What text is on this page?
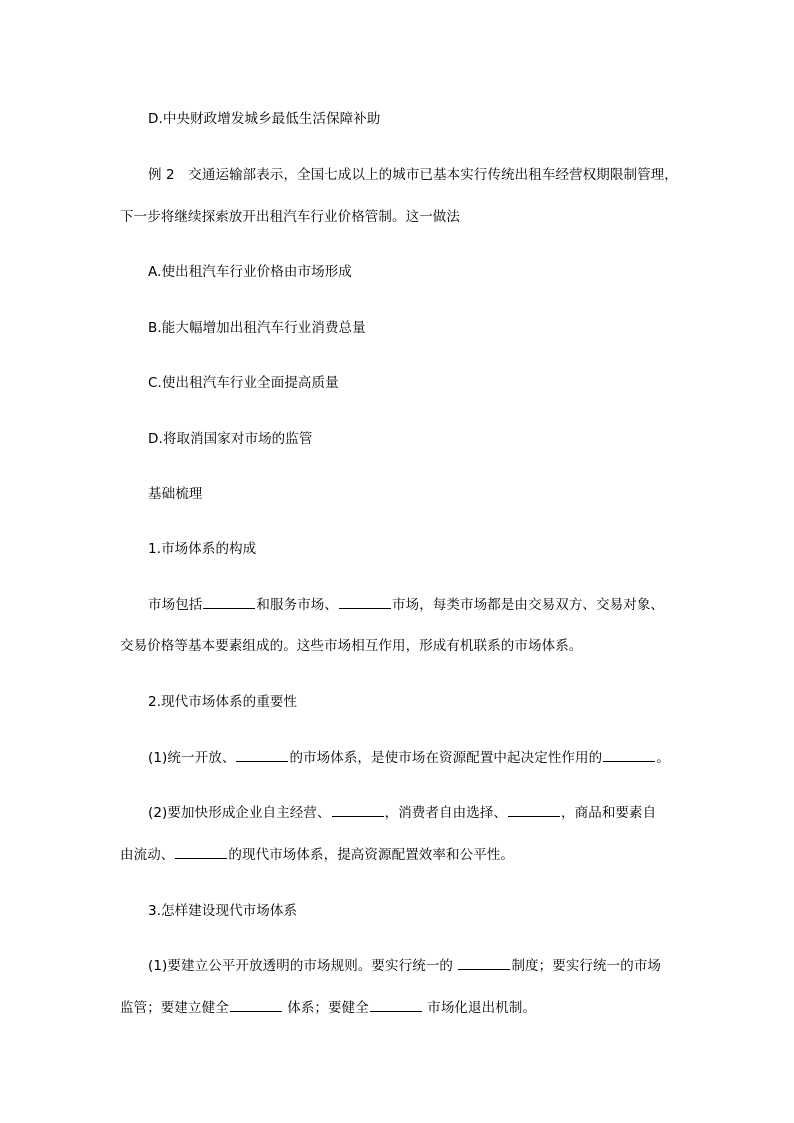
D.中央财政增发城乡最低生活保障补助
例 2　交通运输部表示，全国七成以上的城市已基本实行传统出租车经营权期限制管理，
下一步将继续探索放开出租汽车行业价格管制。这一做法
A.使出租汽车行业价格由市场形成
B.能大幅增加出租汽车行业消费总量
C.使出租汽车行业全面提高质量
D.将取消国家对市场的监管
基础梳理
1.市场体系的构成
市场包括	和服务市场、	市场，每类市场都是由交易双方、交易对象、
交易价格等基本要素组成的。这些市场相互作用，形成有机联系的市场体系。
2.现代市场体系的重要性
(1)统一开放、	的市场体系，是使市场在资源配置中起决定性作用的	。
(2)要加快形成企业自主经营、	，消费者自由选择、	，商品和要素自
由流动、	的现代市场体系，提高资源配置效率和公平性。
3.怎样建设现代市场体系
(1)要建立公平开放透明的市场规则。要实行统一的	制度；要实行统一的市场
监管；要建立健全	体系；要健全	市场化退出机制。
